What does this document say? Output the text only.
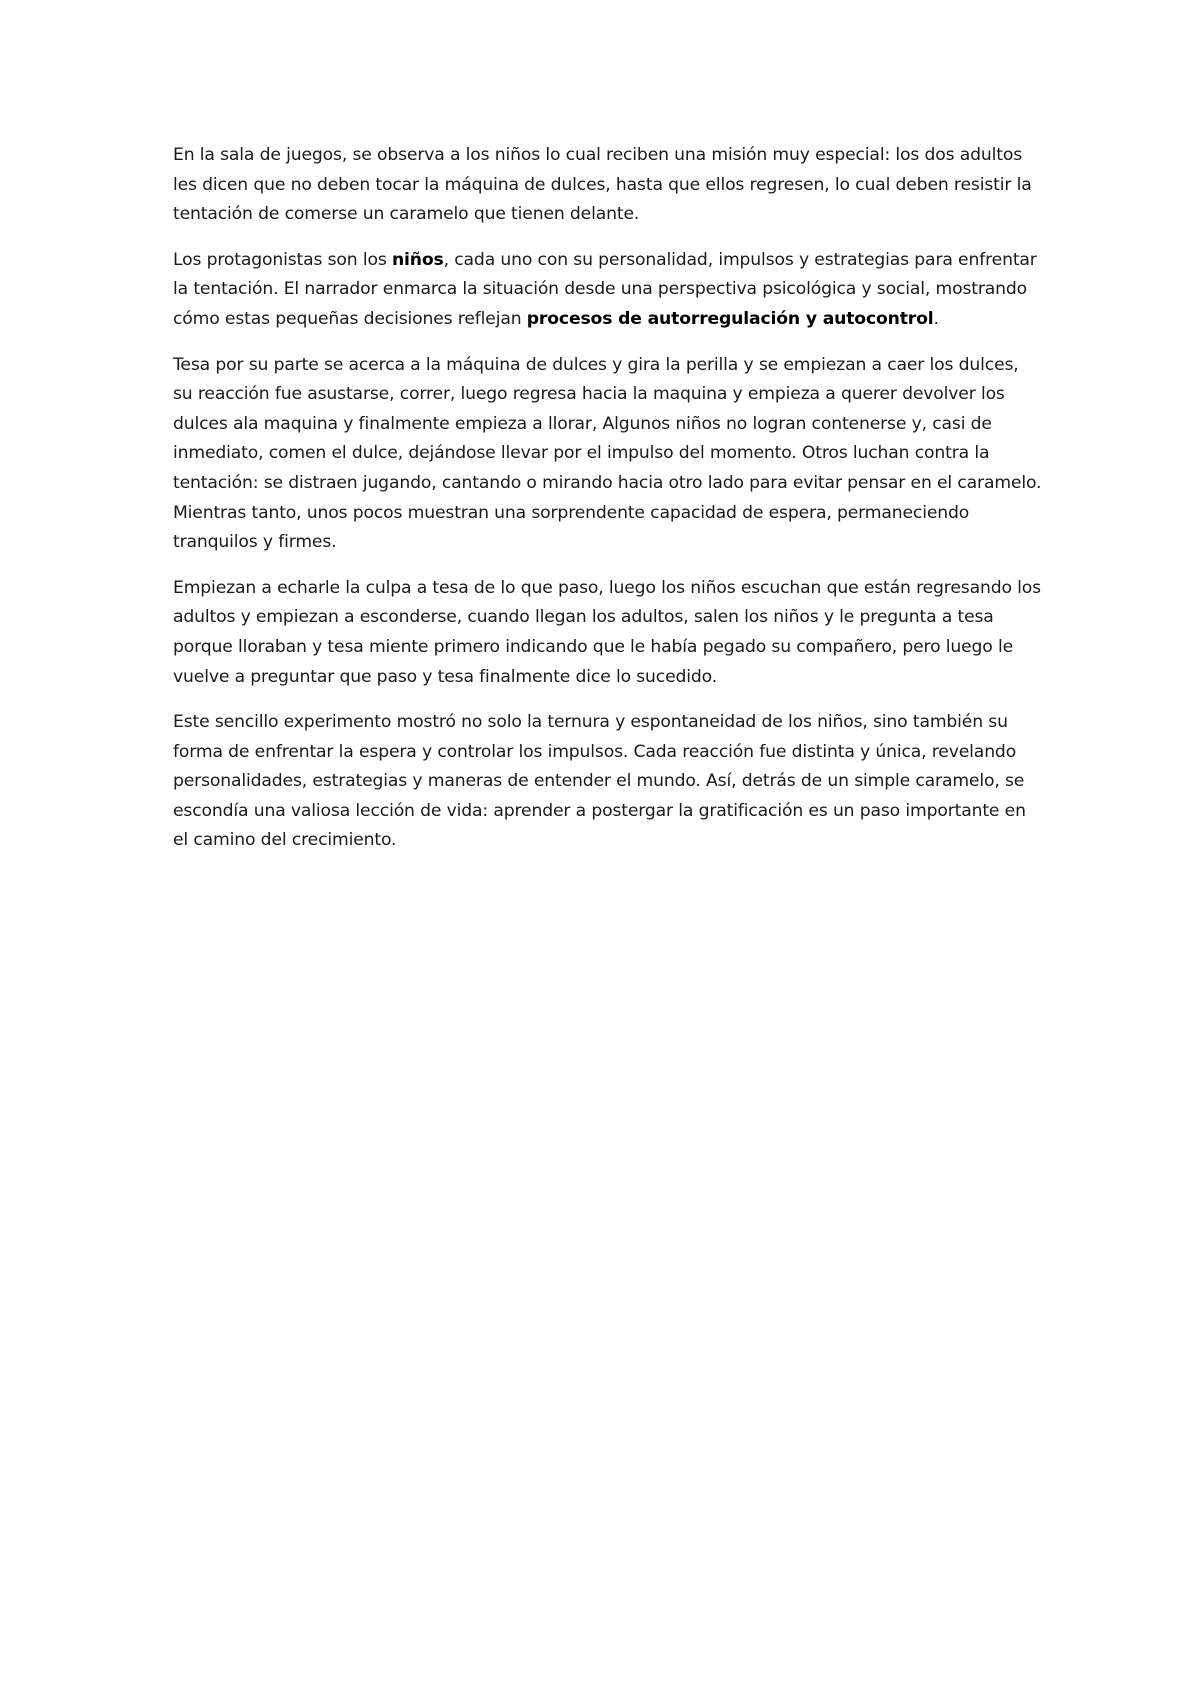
En la sala de juegos, se observa a los niños lo cual reciben una misión muy especial: los dos adultos les dicen que no deben tocar la máquina de dulces, hasta que ellos regresen, lo cual deben resistir la tentación de comerse un caramelo que tienen delante.

Los protagonistas son los niños, cada uno con su personalidad, impulsos y estrategias para enfrentar la tentación. El narrador enmarca la situación desde una perspectiva psicológica y social, mostrando cómo estas pequeñas decisiones reflejan procesos de autorregulación y autocontrol.

Tesa por su parte se acerca a la máquina de dulces y gira la perilla y se empiezan a caer los dulces, su reacción fue asustarse, correr, luego regresa hacia la maquina y empieza a querer devolver los dulces ala maquina y finalmente empieza a llorar, Algunos niños no logran contenerse y, casi de inmediato, comen el dulce, dejándose llevar por el impulso del momento. Otros luchan contra la tentación: se distraen jugando, cantando o mirando hacia otro lado para evitar pensar en el caramelo. Mientras tanto, unos pocos muestran una sorprendente capacidad de espera, permaneciendo tranquilos y firmes.

Empiezan a echarle la culpa a tesa de lo que paso, luego los niños escuchan que están regresando los adultos y empiezan a esconderse, cuando llegan los adultos, salen los niños y le pregunta a tesa porque lloraban y tesa miente primero indicando que le había pegado su compañero, pero luego le vuelve a preguntar que paso y tesa finalmente dice lo sucedido.

Este sencillo experimento mostró no solo la ternura y espontaneidad de los niños, sino también su forma de enfrentar la espera y controlar los impulsos. Cada reacción fue distinta y única, revelando personalidades, estrategias y maneras de entender el mundo. Así, detrás de un simple caramelo, se escondía una valiosa lección de vida: aprender a postergar la gratificación es un paso importante en el camino del crecimiento.
